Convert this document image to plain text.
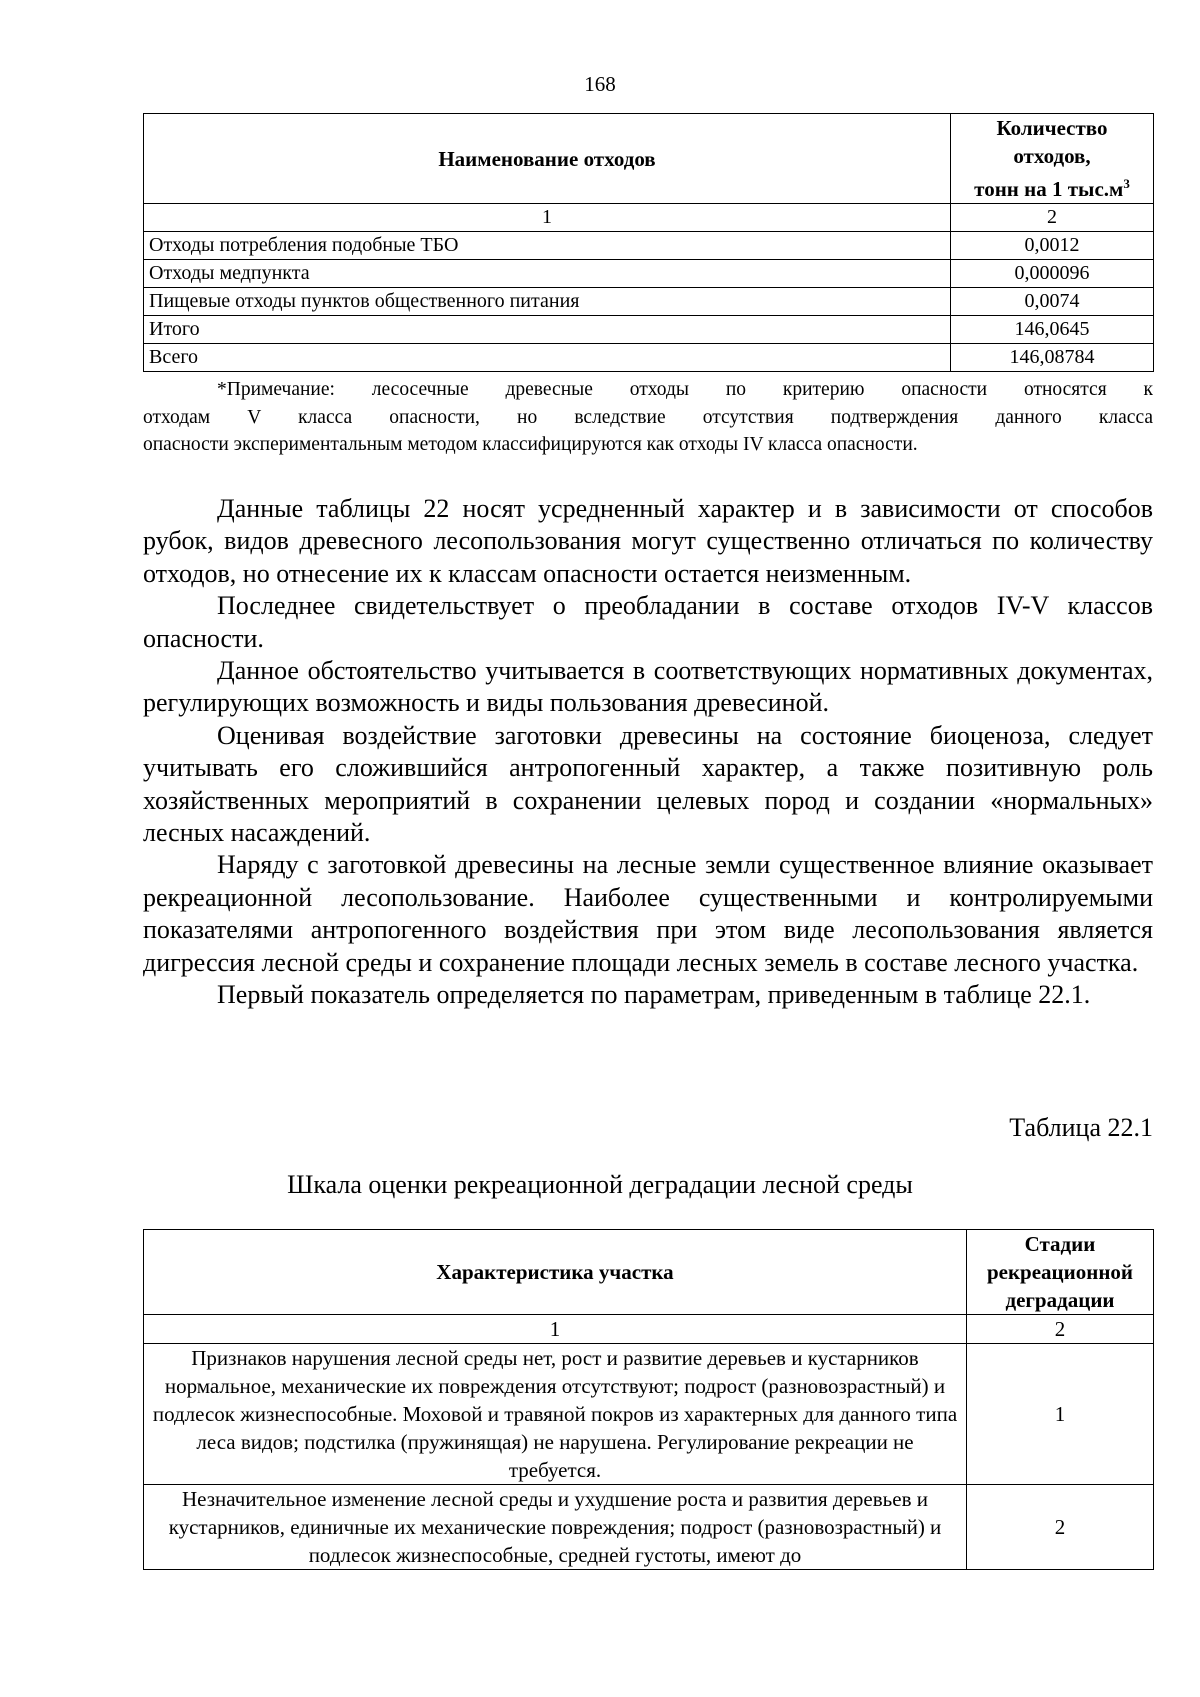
168
Наименование отходов	Количество отходов,
тонн на 1 $тыс.м^3$
1	2
Отходы потребления подобные ТБО	0,0012
Отходы медпункта	0,000096
Пищевые отходы пунктов общественного питания	0,0074
Итого	146,0645
Всего	146,08784
*Примечание: лесосечные древесные отходы по критерию опасности относятся к
отходам V класса опасности, но вследствие отсутствия подтверждения данного класса
опасности экспериментальным методом классифицируются как отходы IV класса опасности.

Данные таблицы 22 носят усредненный характер и в зависимости от способов рубок, видов древесного лесопользования могут существенно отличаться по количеству отходов, но отнесение их к классам опасности остается неизменным.

Последнее свидетельствует о преобладании в составе отходов IV-V классов опасности.

Данное обстоятельство учитывается в соответствующих нормативных документах, регулирующих возможность и виды пользования древесиной.

Оценивая воздействие заготовки древесины на состояние биоценоза, следует учитывать его сложившийся антропогенный характер, а также позитивную роль хозяйственных мероприятий в сохранении целевых пород и создании «нормальных» лесных насаждений.

Наряду с заготовкой древесины на лесные земли существенное влияние оказывает рекреационной лесопользование. Наиболее существенными и контролируемыми показателями антропогенного воздействия при этом виде лесопользования является дигрессия лесной среды и сохранение площади лесных земель в составе лесного участка.

Первый показатель определяется по параметрам, приведенным в таблице 22.1.

Таблица 22.1
Шкала оценки рекреационной деградации лесной среды
Характеристика участка	Стадии рекреационной деградации
1	2
Признаков нарушения лесной среды нет, рост и развитие деревьев и кустарников нормальное, механические их повреждения отсутствуют; подрост (разновозрастный) и подлесок жизнеспособные. Моховой и травяной покров из характерных для данного типа леса видов; подстилка (пружинящая) не нарушена. Регулирование рекреации не требуется.	1
Незначительное изменение лесной среды и ухудшение роста и развития деревьев и кустарников, единичные их механические повреждения; подрост (разновозрастный) и подлесок жизнеспособные, средней густоты, имеют до	2
